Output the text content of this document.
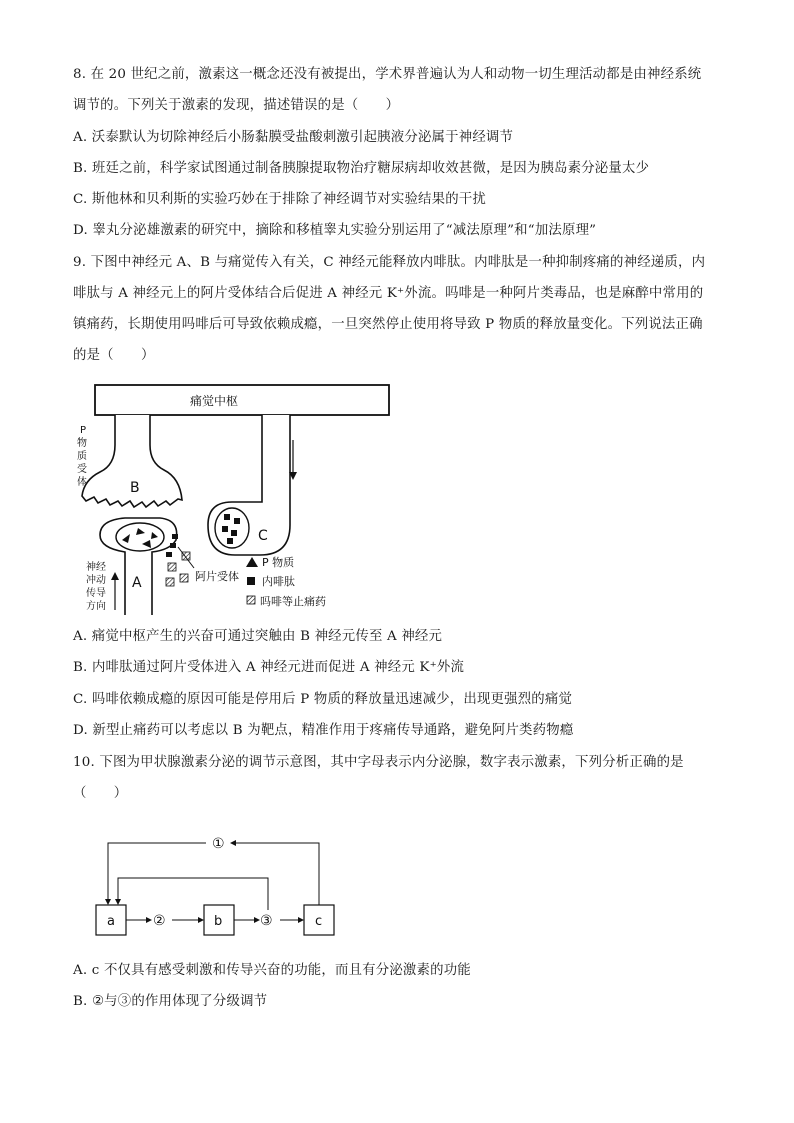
8. 在 20 世纪之前，激素这一概念还没有被提出，学术界普遍认为人和动物一切生理活动都是由神经系统
调节的。下列关于激素的发现，描述错误的是（　　）
A. 沃泰默认为切除神经后小肠黏膜受盐酸刺激引起胰液分泌属于神经调节
B. 班廷之前，科学家试图通过制备胰腺提取物治疗糖尿病却收效甚微，是因为胰岛素分泌量太少
C. 斯他林和贝利斯的实验巧妙在于排除了神经调节对实验结果的干扰
D. 睾丸分泌雄激素的研究中，摘除和移植睾丸实验分别运用了“减法原理”和“加法原理”
9. 下图中神经元 A、B 与痛觉传入有关，C 神经元能释放内啡肽。内啡肽是一种抑制疼痛的神经递质，内
啡肽与 A 神经元上的阿片受体结合后促进 A 神经元 K⁺外流。吗啡是一种阿片类毒品，也是麻醉中常用的
镇痛药，长期使用吗啡后可导致依赖成瘾，一旦突然停止使用将导致 P 物质的释放量变化。下列说法正确
的是（　　）
痛觉中枢
B
P
物
质
受
体
C
阿片受体
A
神经
冲动
传导
方向
P 物质
内啡肽
吗啡等止痛药
A. 痛觉中枢产生的兴奋可通过突触由 B 神经元传至 A 神经元
B. 内啡肽通过阿片受体进入 A 神经元进而促进 A 神经元 K⁺外流
C. 吗啡依赖成瘾的原因可能是停用后 P 物质的释放量迅速减少，出现更强烈的痛觉
D. 新型止痛药可以考虑以 B 为靶点，精准作用于疼痛传导通路，避免阿片类药物瘾
10. 下图为甲状腺激素分泌的调节示意图，其中字母表示内分泌腺，数字表示激素，下列分析正确的是
（　　）
a	b	c
②	③
①
A. c 不仅具有感受刺激和传导兴奋的功能，而且有分泌激素的功能
B. ②与③的作用体现了分级调节
